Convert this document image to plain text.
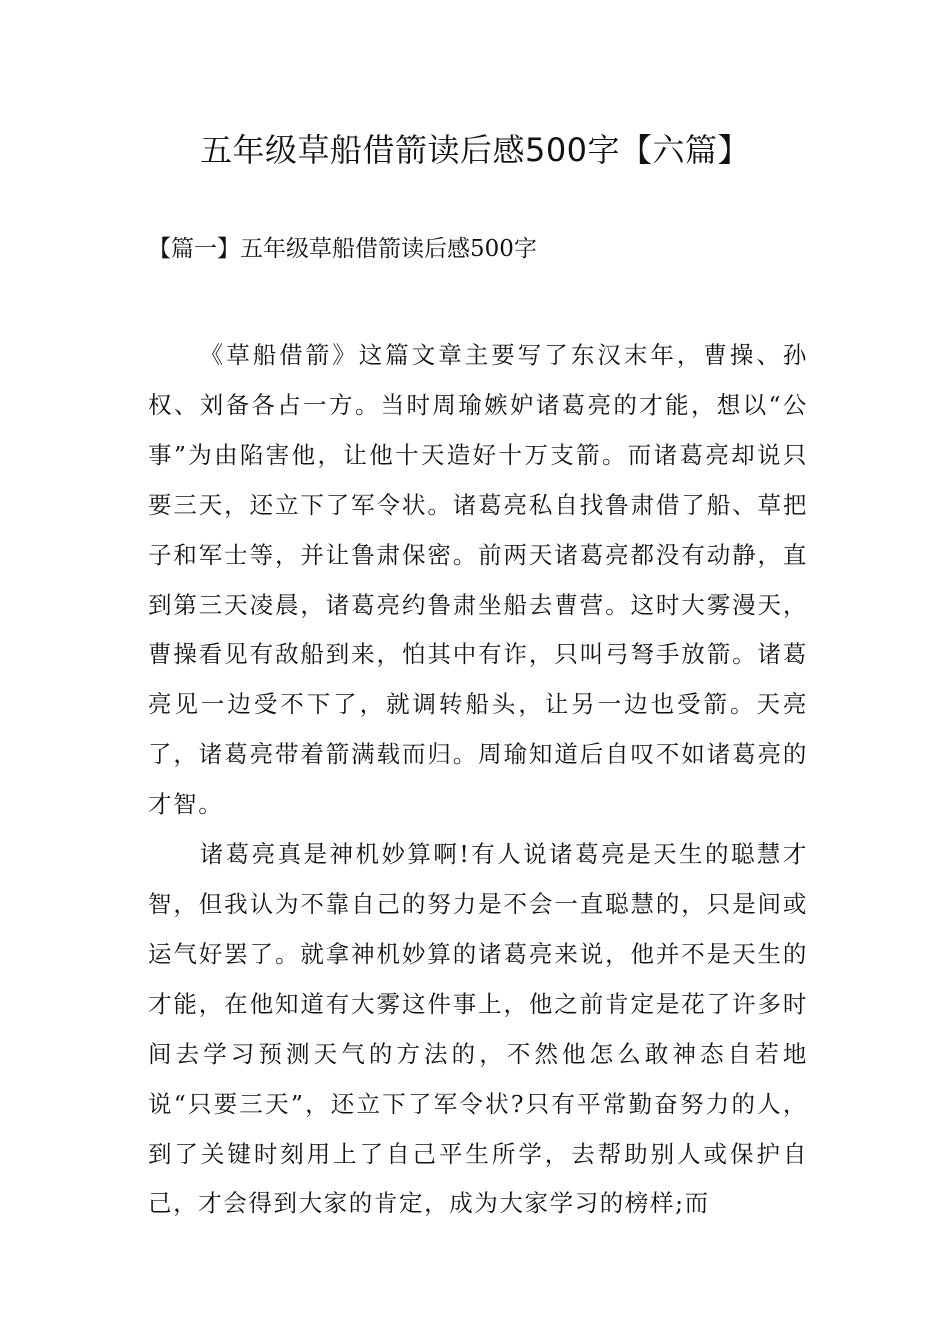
五年级草船借箭读后感500字【六篇】
【篇一】五年级草船借箭读后感500字

《草船借箭》这篇文章主要写了东汉末年，曹操、孙权、刘备各占一方。当时周瑜嫉妒诸葛亮的才能，想以“公事”为由陷害他，让他十天造好十万支箭。而诸葛亮却说只要三天，还立下了军令状。诸葛亮私自找鲁肃借了船、草把子和军士等，并让鲁肃保密。前两天诸葛亮都没有动静，直到第三天凌晨，诸葛亮约鲁肃坐船去曹营。这时大雾漫天，曹操看见有敌船到来，怕其中有诈，只叫弓弩手放箭。诸葛亮见一边受不下了，就调转船头，让另一边也受箭。天亮了，诸葛亮带着箭满载而归。周瑜知道后自叹不如诸葛亮的才智。

诸葛亮真是神机妙算啊!有人说诸葛亮是天生的聪慧才智，但我认为不靠自己的努力是不会一直聪慧的，只是间或运气好罢了。就拿神机妙算的诸葛亮来说，他并不是天生的才能，在他知道有大雾这件事上，他之前肯定是花了许多时间去学习预测天气的方法的，不然他怎么敢神态自若地说“只要三天”，还立下了军令状?只有平常勤奋努力的人，到了关键时刻用上了自己平生所学，去帮助别人或保护自己，才会得到大家的肯定，成为大家学习的榜样;而
